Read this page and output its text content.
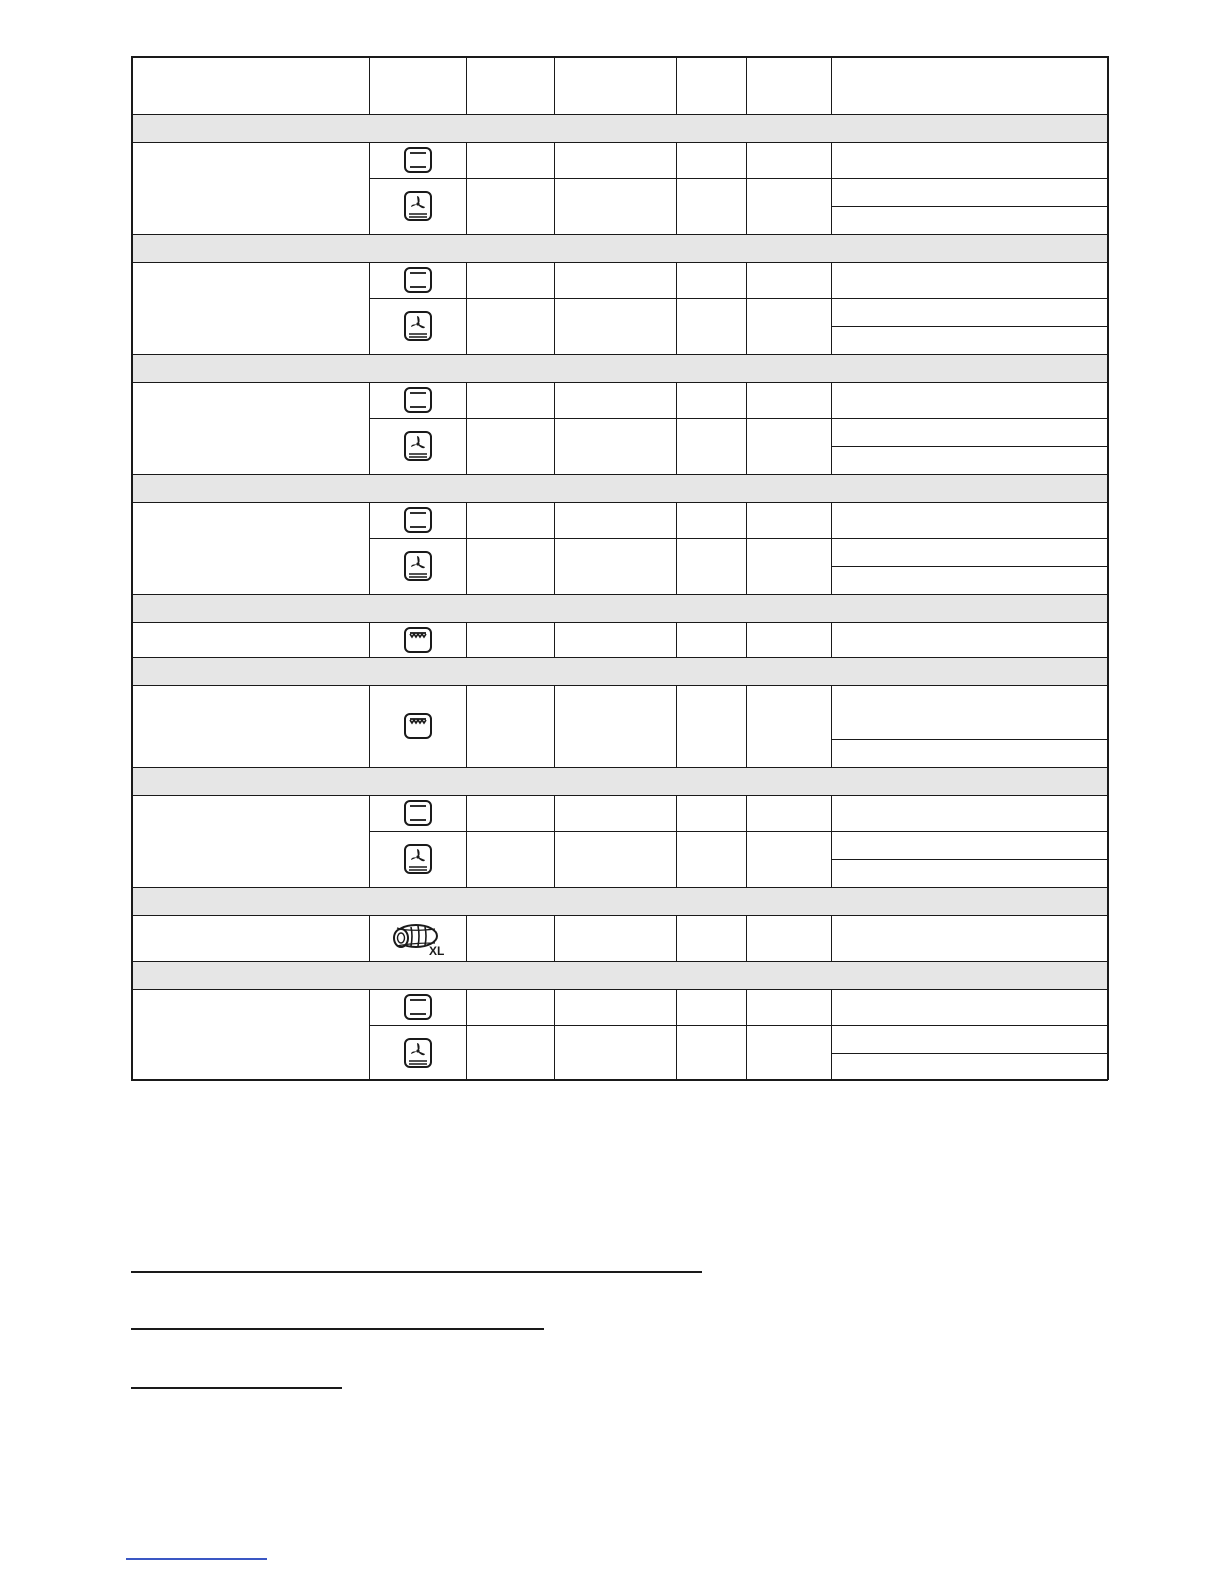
XL
